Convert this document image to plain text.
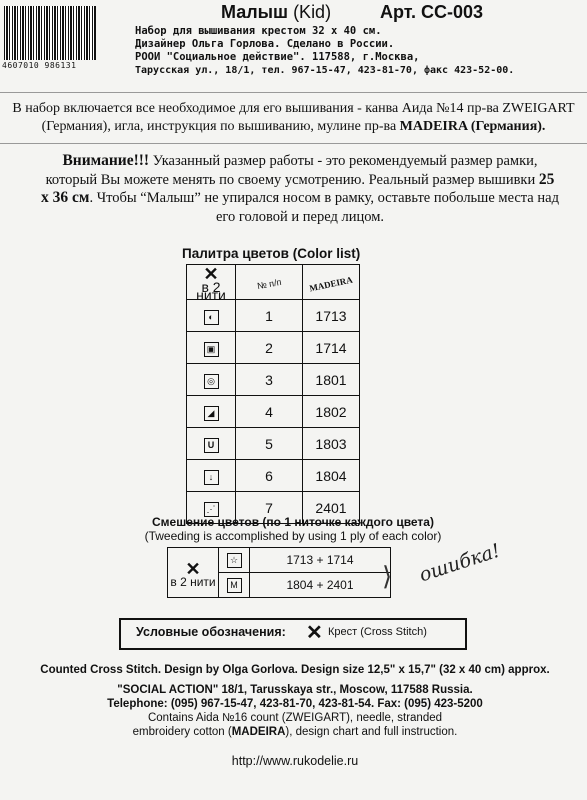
4607010 986131
Малыш (Kid)	Арт. СС-003
Набор для вышивания крестом 32 х 40 см.
Дизайнер Ольга Горлова. Сделано в России.
РООИ "Социальное действие". 117588, г.Москва,
Тарусская ул., 18/1, тел. 967-15-47, 423-81-70, факс 423-52-00.
В набор включается все необходимое для его вышивания - канва Аида №14 пр-ва ZWEIGART
(Германия), игла, инструкция по вышиванию, мулине пр-ва MADEIRA (Германия).
Внимание!!! Указанный размер работы - это рекомендуемый размер рамки, который Вы можете менять по своему усмотрению. Реальный размер вышивки 25 х 36 см. Чтобы “Малыш” не упирался носом в рамку, оставьте побольше места над его головой и перед лицом.
Палитра цветов (Color list)
✕
в 2 нити	№ п/п	MADEIRA
◐	1	1713
▣	2	1714
◎	3	1801
◢	4	1802
U	5	1803
↓	6	1804
⋰	7	2401
Смешение цветов (по 1 ниточке каждого цвета)
(Tweeding is accomplished by using 1 ply of each color)
✕
в 2 нити	☆	1713 + 1714
	M	1804 + 2401 ⟩ ошибка!
Условные обозначения: ✕ Крест (Cross Stitch)
Counted Cross Stitch. Design by Olga Gorlova. Design size 12,5" x 15,7" (32 x 40 cm) approx.
"SOCIAL ACTION" 18/1, Tarusskaya str., Moscow, 117588 Russia.
Telephone: (095) 967-15-47, 423-81-70, 423-81-54. Fax: (095) 423-5200
Contains Aida №16 count (ZWEIGART), needle, stranded
embroidery cotton (MADEIRA), design chart and full instruction.
http://www.rukodelie.ru
